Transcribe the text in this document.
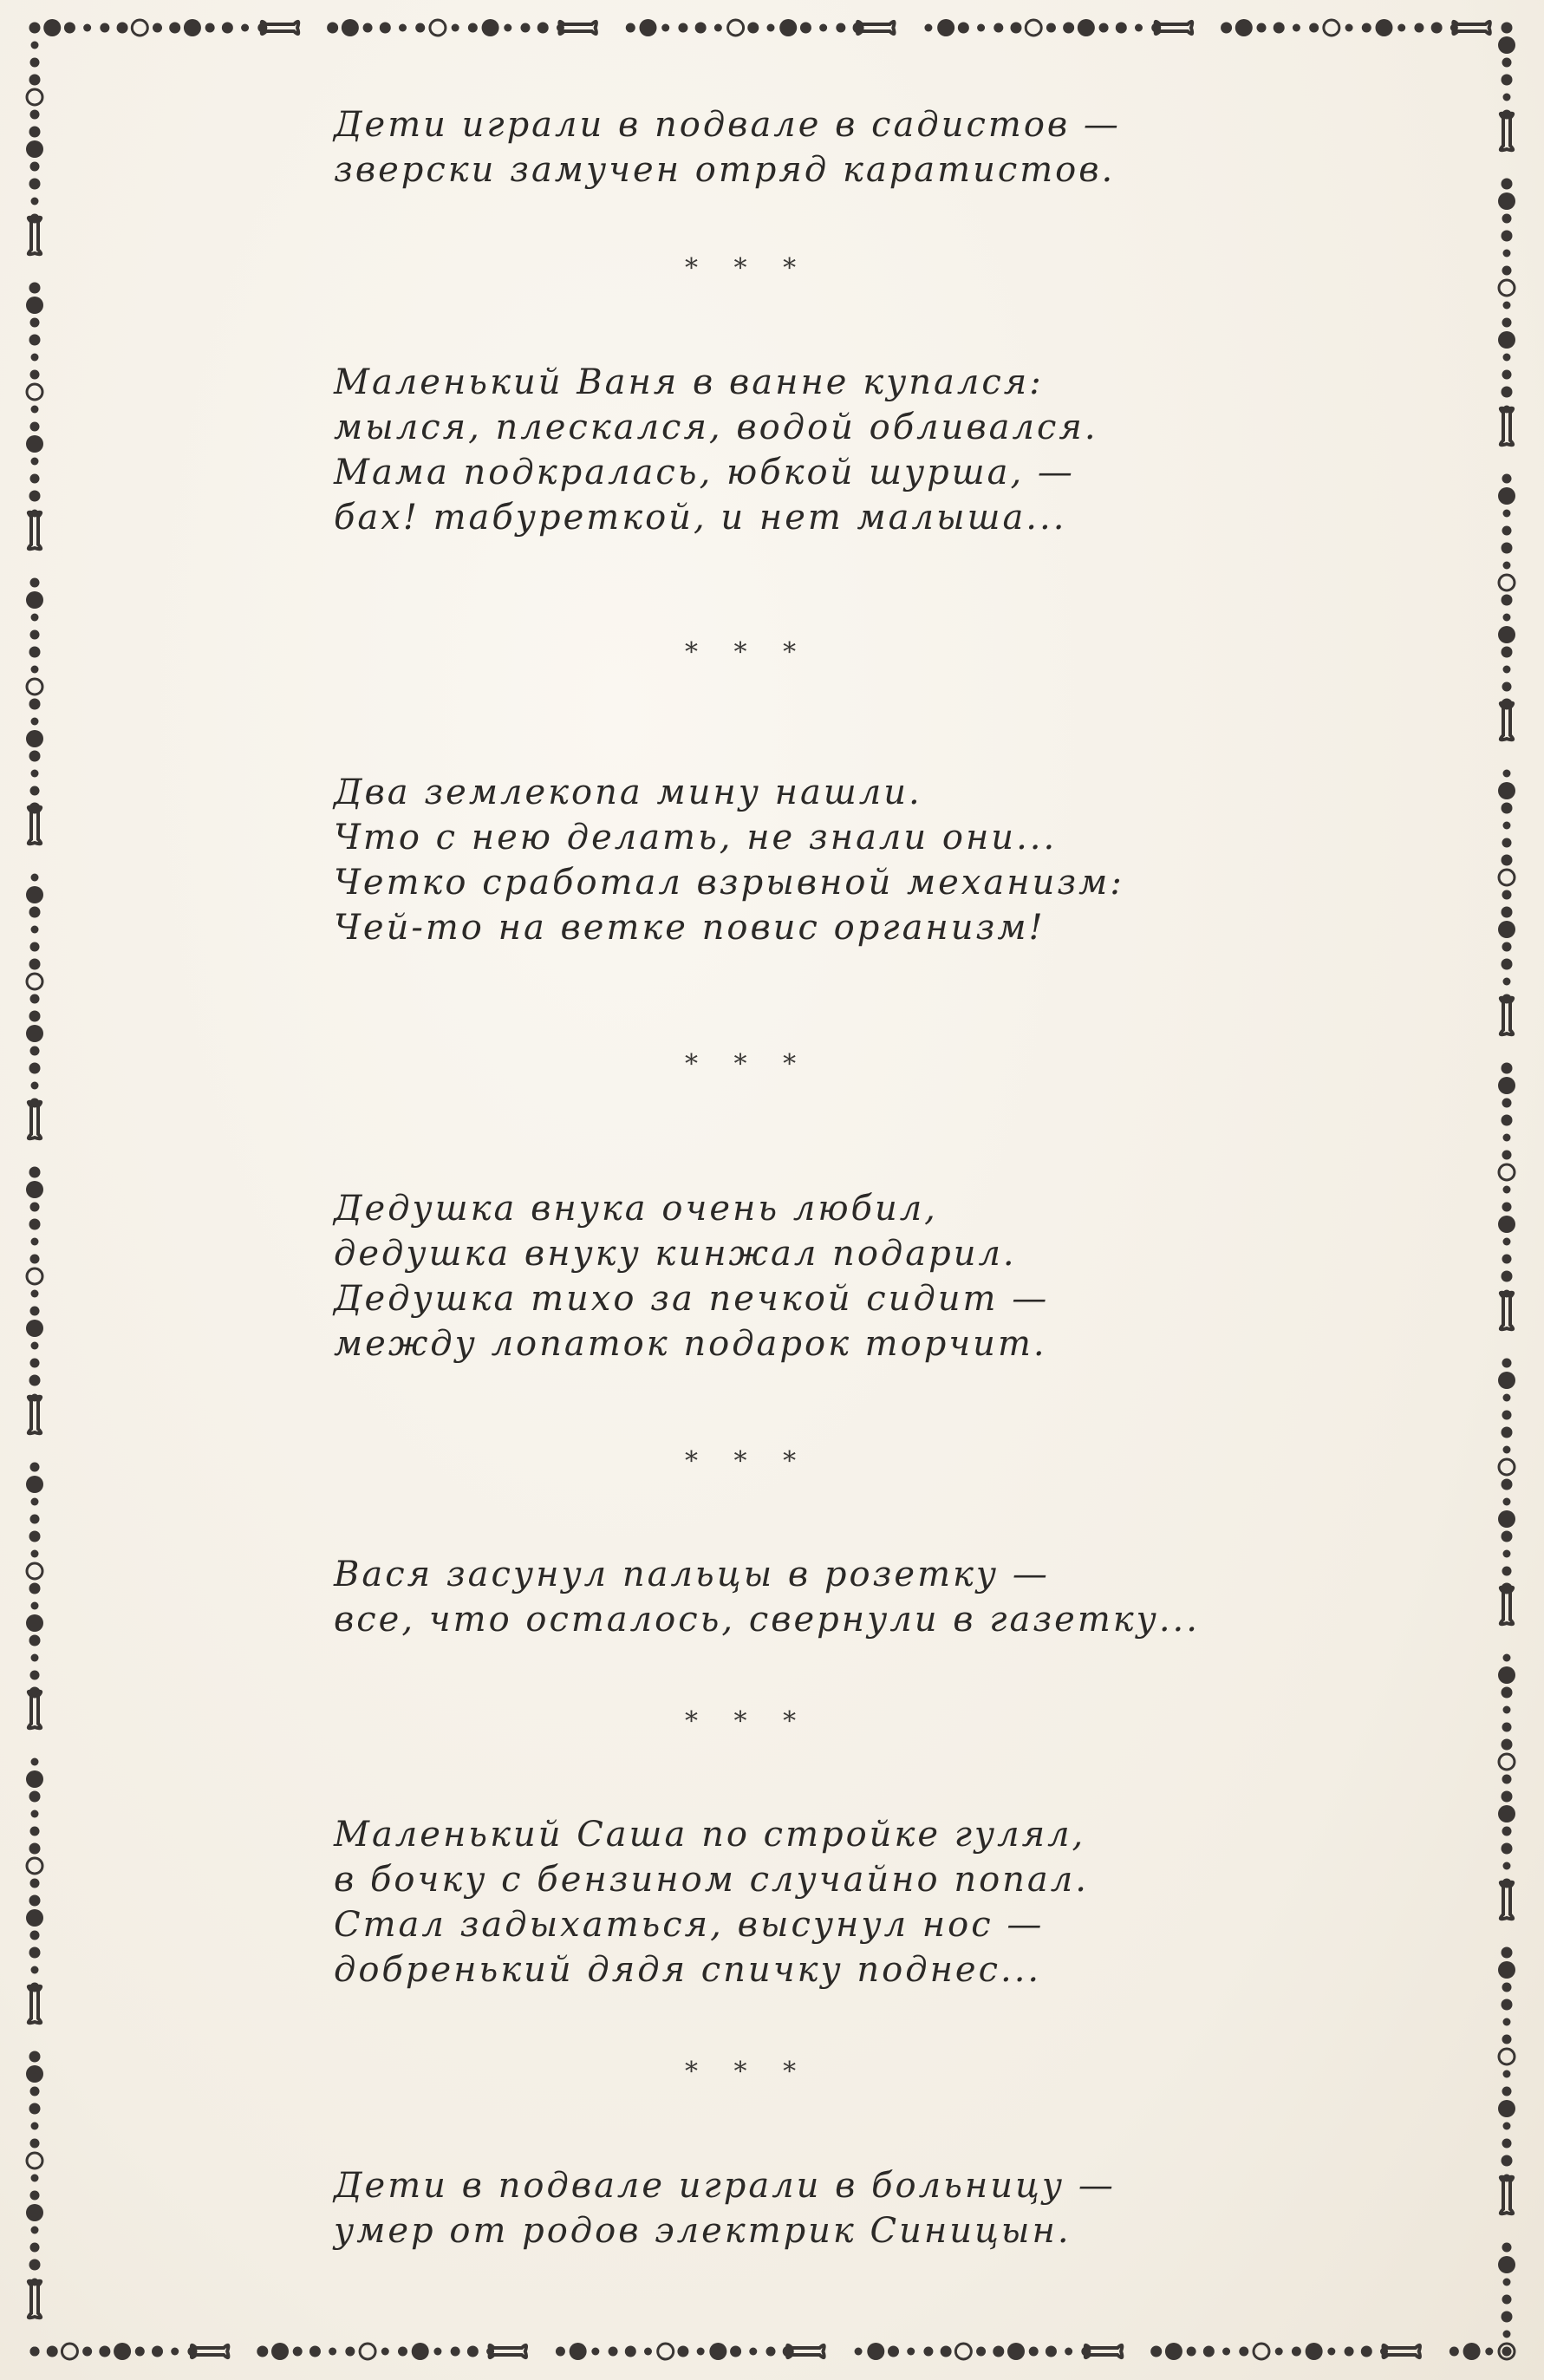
Дети играли в подвале в садистов —
зверски замучен отряд каратистов.
* * *
Маленький Ваня в ванне купался:
мылся, плескался, водой обливался.
Мама подкралась, юбкой шурша, —
бах! табуреткой, и нет малыша...
* * *
Два землекопа мину нашли.
Что с нею делать, не знали они...
Четко сработал взрывной механизм:
Чей-то на ветке повис организм!
* * *
Дедушка внука очень любил,
дедушка внуку кинжал подарил.
Дедушка тихо за печкой сидит —
между лопаток подарок торчит.
* * *
Вася засунул пальцы в розетку —
все, что осталось, свернули в газетку...
* * *
Маленький Саша по стройке гулял,
в бочку с бензином случайно попал.
Стал задыхаться, высунул нос —
добренький дядя спичку поднес...
* * *
Дети в подвале играли в больницу —
умер от родов электрик Синицын.
